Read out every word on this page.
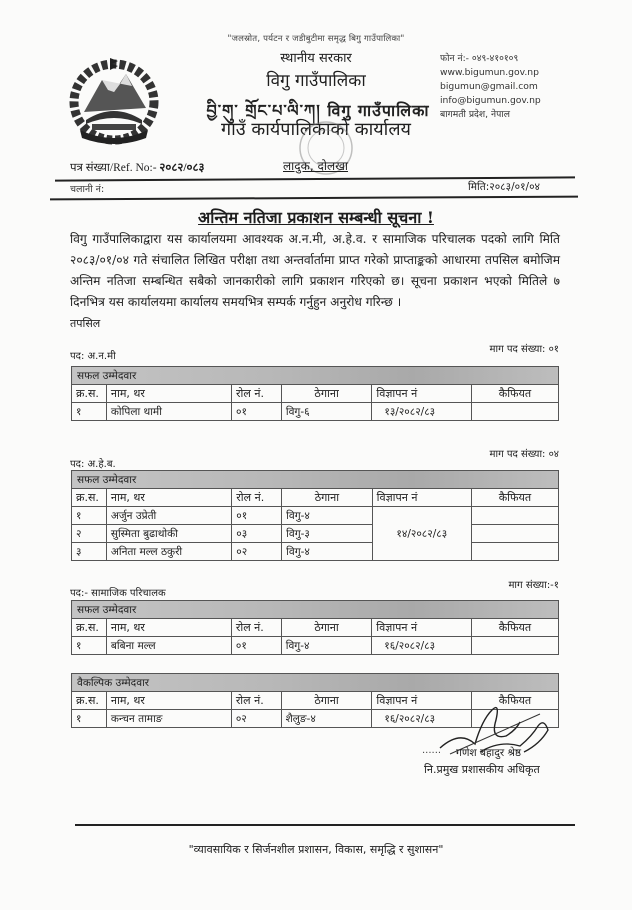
"जलस्रोत, पर्यटन र जडीबुटीमा समृद्ध बिगु गाउँपालिका"
स्थानीय सरकार
विगु गाउँपालिका
བྱི་གུ་ གྲོང་པ་ལི་ཀ། विगु गाउँपालिका
गाउँ कार्यपालिकाको कार्यालय
फोन नं:- ०४९-४१०१०९
www.bigumun.gov.np
bigumun@gmail.com
info@bigumun.gov.np
बागमती प्रदेश, नेपाल
पत्र संख्या/Ref. No:- २०८२/०८३	लादुक, दोलखा
चलानी नं:	मिति:२०८३/०१/०४
अन्तिम नतिजा प्रकाशन सम्बन्धी सूचना !
विगु गाउँपालिकाद्वारा यस कार्यालयमा आवश्यक अ.न.मी, अ.हे.व. र सामाजिक परिचालक पदको लागि मिति २०८३/०१/०४ गते संचालित लिखित परीक्षा तथा अन्तर्वार्तामा प्राप्त गरेको प्राप्ताङ्कको आधारमा तपसिल बमोजिम अन्तिम नतिजा सम्बन्धित सबैको जानकारीको लागि प्रकाशन गरिएको छ। सूचना प्रकाशन भएको मितिले ७ दिनभित्र यस कार्यालयमा कार्यालय समयभित्र सम्पर्क गर्नुहुन अनुरोध गरिन्छ ।
तपसिल
पद: अ.न.मी
माग पद संख्या: ०१
सफल उम्मेदवार					
क्र.स.	नाम, थर	रोल नं.	ठेगाना	विज्ञापन नं	कैफियत
१	कोपिला थामी	०१	विगु-६	१३/२०८२/८३	
पद: अ.हे.ब.
माग पद संख्या: ०४
सफल उम्मेदवार					
क्र.स.	नाम, थर	रोल नं.	ठेगाना	विज्ञापन नं	कैफियत
१	अर्जुन उप्रेती	०१	विगु-४	१४/२०८२/८३	
२	सुस्मिता बुढाथोकी	०३	विगु-३		
३	अनिता मल्ल ठकुरी	०२	विगु-४		
पद:- सामाजिक परिचालक
माग संख्या:-१
सफल उम्मेदवार					
क्र.स.	नाम, थर	रोल नं.	ठेगाना	विज्ञापन नं	कैफियत
१	बबिना मल्ल	०१	विगु-४	१६/२०८२/८३	
वैकल्पिक उम्मेदवार					
क्र.स.	नाम, थर	रोल नं.	ठेगाना	विज्ञापन नं	कैफियत
१	कन्चन तामाङ	०२	शैलुङ-४	१६/२०८२/८३	
...... गणेश बहादुर श्रेष्ठ
नि.प्रमुख प्रशासकीय अधिकृत
"व्यावसायिक र सिर्जनशील प्रशासन, विकास, समृद्धि र सुशासन"
